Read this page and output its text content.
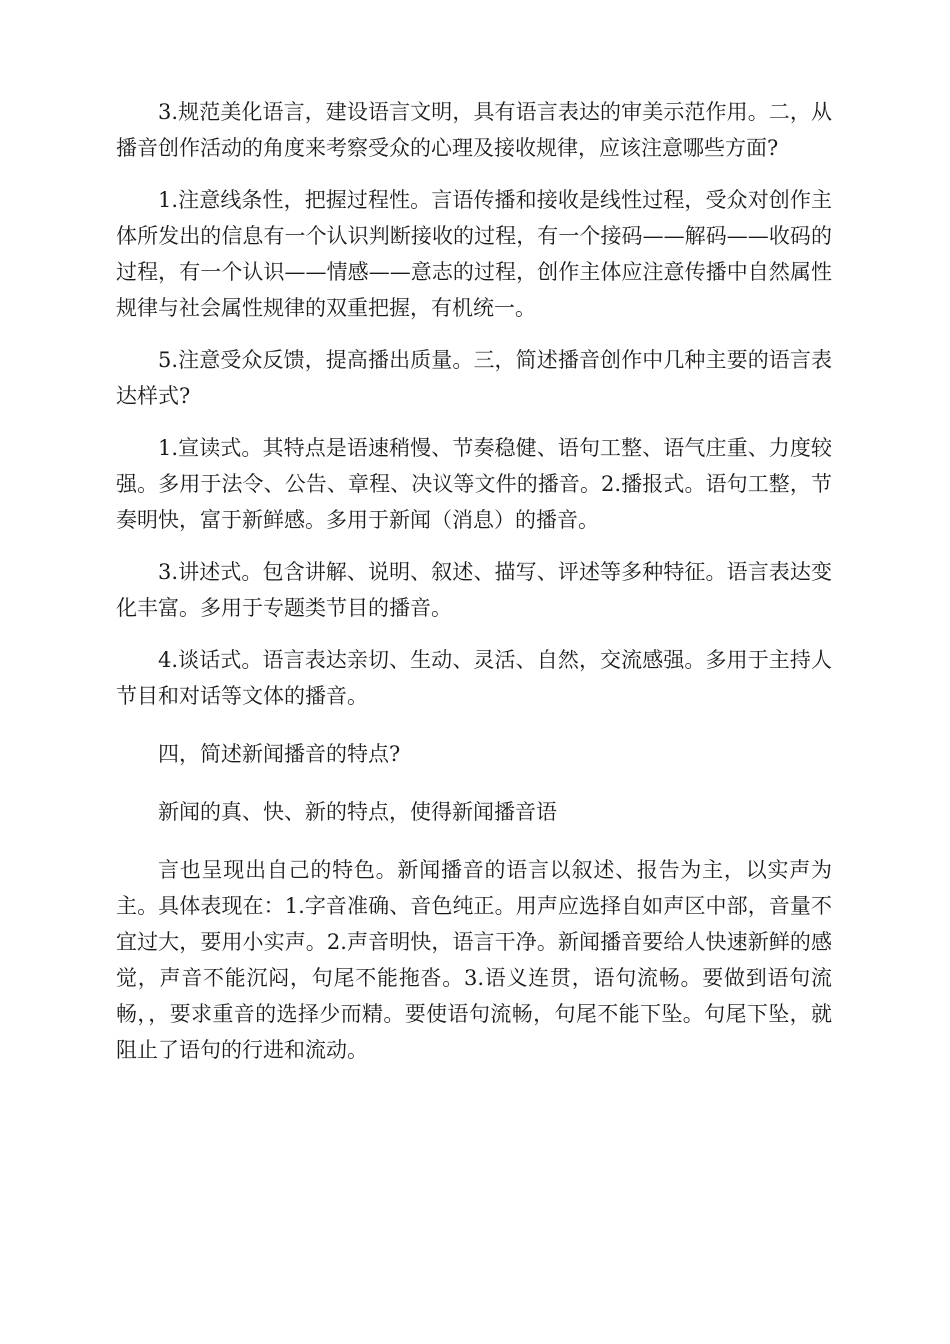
3.规范美化语言，建设语言文明，具有语言表达的审美示范作用。二，从播音创作活动的角度来考察受众的心理及接收规律，应该注意哪些方面?

1.注意线条性，把握过程性。言语传播和接收是线性过程，受众对创作主体所发出的信息有一个认识判断接收的过程，有一个接码——解码——收码的过程，有一个认识——情感——意志的过程，创作主体应注意传播中自然属性规律与社会属性规律的双重把握，有机统一。

5.注意受众反馈，提高播出质量。三，简述播音创作中几种主要的语言表达样式?

1.宣读式。其特点是语速稍慢、节奏稳健、语句工整、语气庄重、力度较强。多用于法令、公告、章程、决议等文件的播音。2.播报式。语句工整，节奏明快，富于新鲜感。多用于新闻（消息）的播音。

3.讲述式。包含讲解、说明、叙述、描写、评述等多种特征。语言表达变化丰富。多用于专题类节目的播音。

4.谈话式。语言表达亲切、生动、灵活、自然，交流感强。多用于主持人节目和对话等文体的播音。

四，简述新闻播音的特点?

新闻的真、快、新的特点，使得新闻播音语

言也呈现出自己的特色。新闻播音的语言以叙述、报告为主，以实声为主。具体表现在：1.字音准确、音色纯正。用声应选择自如声区中部，音量不宜过大，要用小实声。2.声音明快，语言干净。新闻播音要给人快速新鲜的感觉，声音不能沉闷，句尾不能拖沓。3.语义连贯，语句流畅。要做到语句流畅，，要求重音的选择少而精。要使语句流畅，句尾不能下坠。句尾下坠，就阻止了语句的行进和流动。
